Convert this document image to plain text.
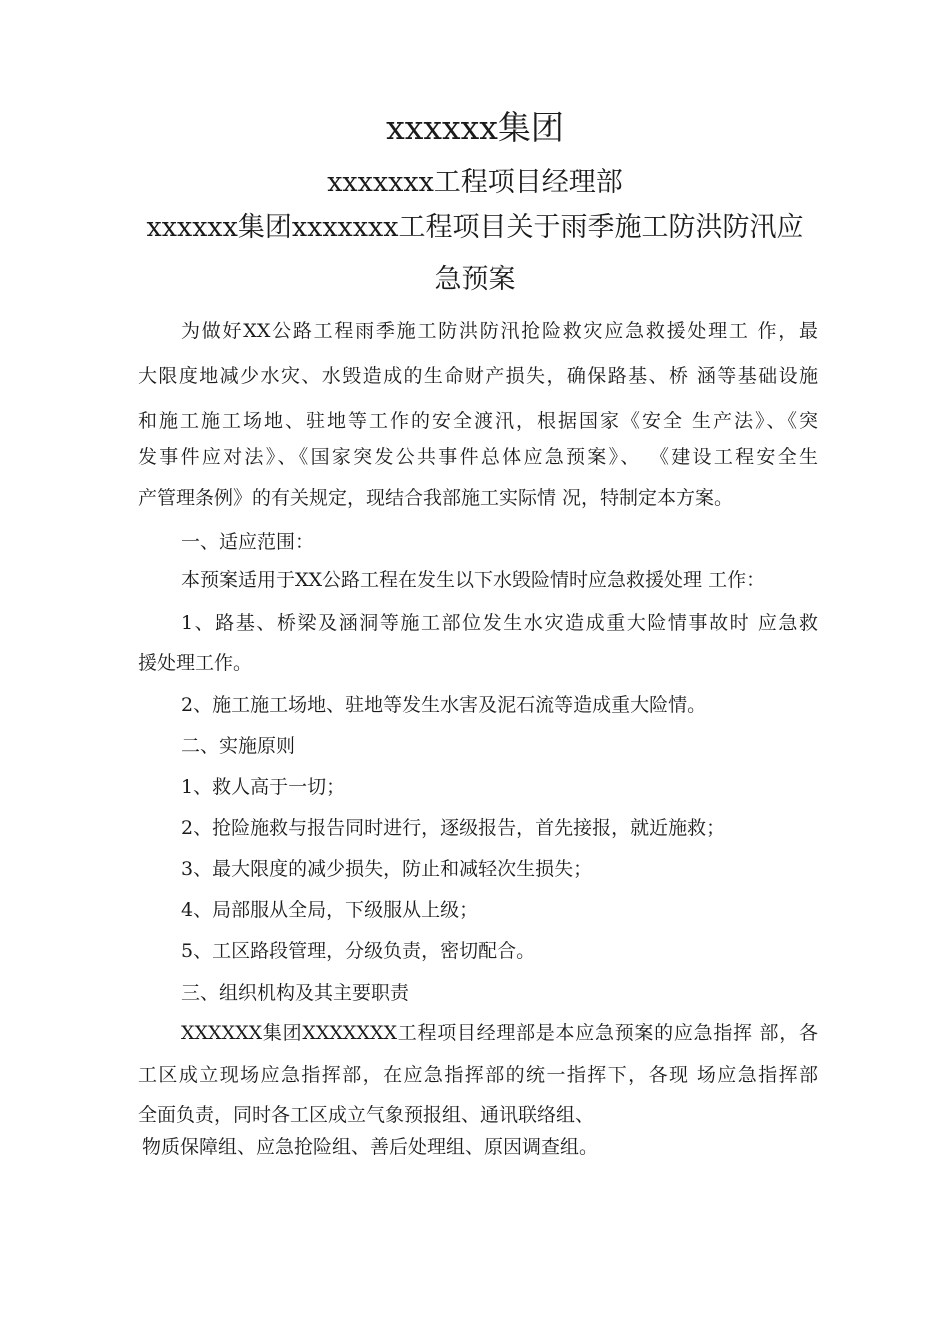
xxxxxx集团
xxxxxxx工程项目经理部
xxxxxx集团xxxxxxx工程项目关于雨季施工防洪防汛应
急预案
为做好XX公路工程雨季施工防洪防汛抢险救灾应急救援处理工 作，最
大限度地减少水灾、水毁造成的生命财产损失，确保路基、桥 涵等基础设施
和施工施工场地、驻地等工作的安全渡汛，根据国家《安全 生产法》、《突
发事件应对法》、《国家突发公共事件总体应急预案》、 《建设工程安全生
产管理条例》的有关规定，现结合我部施工实际情 况，特制定本方案。
一、适应范围：
本预案适用于XX公路工程在发生以下水毁险情时应急救援处理 工作：
1、路基、桥梁及涵洞等施工部位发生水灾造成重大险情事故时 应急救
援处理工作。
2、施工施工场地、驻地等发生水害及泥石流等造成重大险情。
二、实施原则
1、救人高于一切；
2、抢险施救与报告同时进行，逐级报告，首先接报，就近施救；
3、最大限度的减少损失，防止和减轻次生损失；
4、局部服从全局，下级服从上级；
5、工区路段管理，分级负责，密切配合。
三、组织机构及其主要职责
XXXXXX集团XXXXXXX工程项目经理部是本应急预案的应急指挥 部，各
工区成立现场应急指挥部，在应急指挥部的统一指挥下，各现 场应急指挥部
全面负责，同时各工区成立气象预报组、通讯联络组、
物质保障组、应急抢险组、善后处理组、原因调查组。
